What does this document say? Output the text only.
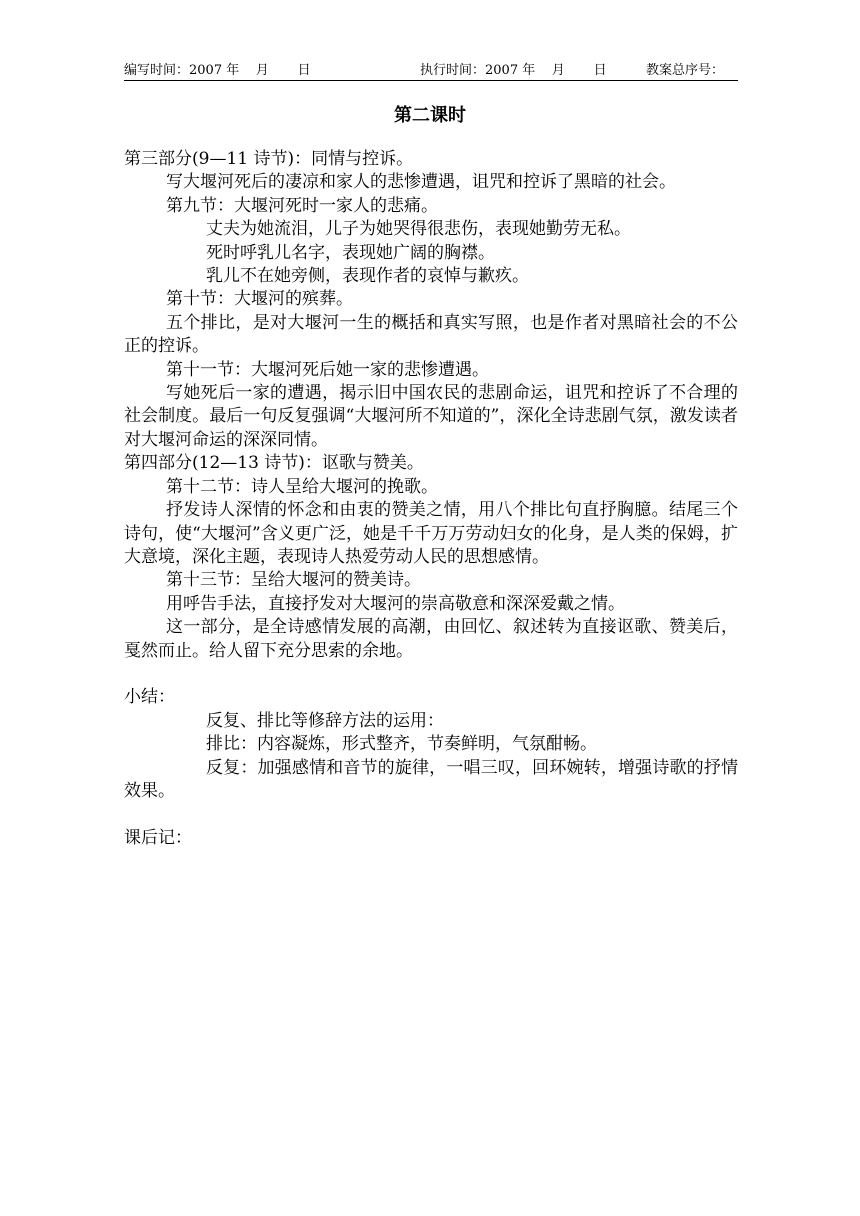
编写时间：2007 年    月       日	执行时间：2007 年    月       日	教案总序号：
第二课时

第三部分(9—11 诗节)：同情与控诉。

写大堰河死后的凄凉和家人的悲惨遭遇，诅咒和控诉了黑暗的社会。

第九节：大堰河死时一家人的悲痛。

丈夫为她流泪，儿子为她哭得很悲伤，表现她勤劳无私。

死时呼乳儿名字，表现她广阔的胸襟。

乳儿不在她旁侧，表现作者的哀悼与歉疚。

第十节：大堰河的殡葬。

五个排比，是对大堰河一生的概括和真实写照，也是作者对黑暗社会的不公正的控诉。

第十一节：大堰河死后她一家的悲惨遭遇。

写她死后一家的遭遇，揭示旧中国农民的悲剧命运，诅咒和控诉了不合理的社会制度。最后一句反复强调“大堰河所不知道的”，深化全诗悲剧气氛，激发读者对大堰河命运的深深同情。

第四部分(12—13 诗节)：讴歌与赞美。

第十二节：诗人呈给大堰河的挽歌。

抒发诗人深情的怀念和由衷的赞美之情，用八个排比句直抒胸臆。结尾三个诗句，使“大堰河”含义更广泛，她是千千万万劳动妇女的化身，是人类的保姆，扩大意境，深化主题，表现诗人热爱劳动人民的思想感情。

第十三节：呈给大堰河的赞美诗。

用呼告手法，直接抒发对大堰河的崇高敬意和深深爱戴之情。

这一部分，是全诗感情发展的高潮，由回忆、叙述转为直接讴歌、赞美后，戛然而止。给人留下充分思索的余地。

小结：

反复、排比等修辞方法的运用：

排比：内容凝炼，形式整齐，节奏鲜明，气氛酣畅。

反复：加强感情和音节的旋律，一唱三叹，回环婉转，增强诗歌的抒情效果。

课后记：
